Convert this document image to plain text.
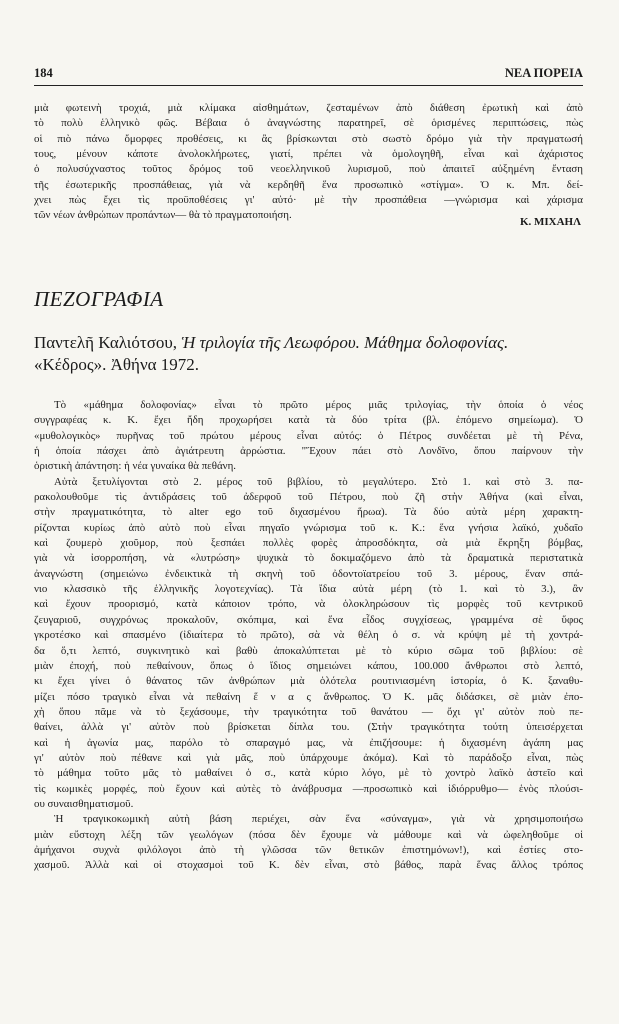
184	ΝΕΑ ΠΟΡΕΙΑ
μιὰ φωτεινὴ τροχιά, μιὰ κλίμακα αἰσθημάτων, ζεσταμένων ἀπὸ διάθεση ἐρωτικὴ καὶ ἀπὸ
τὸ πολὺ ἑλληνικὸ φῶς. Βέβαια ὁ ἀναγνώστης παρατηρεῖ, σὲ ὁρισμένες περιπτώσεις, πὼς
οἱ πιὸ πάνω ὄμορφες προθέσεις, κι ἂς βρίσκωνται στὸ σωστὸ δρόμο γιὰ τὴν πραγματωσή
τους, μένουν κάποτε ἀνολοκλήρωτες, γιατί, πρέπει νὰ ὁμολογηθῆ, εἶναι καὶ ἀχάριστος
ὁ πολυσύχναστος τοῦτος δρόμος τοῦ νεοελληνικοῦ λυρισμοῦ, ποὺ ἀπαιτεῖ αὐξημένη ἔνταση
τῆς ἐσωτερικῆς προσπάθειας, γιὰ νὰ κερδηθῆ ἕνα προσωπικὸ «στίγμα». Ὁ κ. Μπ. δεί-
χνει πὼς ἔχει τὶς προϋποθέσεις γι' αὐτό· μὲ τὴν προσπάθεια —γνώρισμα καὶ χάρισμα
τῶν νέων ἀνθρώπων προπάντων— θὰ τὸ πραγματοποιήση.
Κ. ΜΙΧΑΗΛ
ΠΕΖΟΓΡΑΦΙΑ
Παντελῆ Καλιότσου, Ἡ τριλογία τῆς Λεωφόρου. Μάθημα δολοφονίας.
«Κέδρος». Ἀθήνα 1972.
Τὸ «μάθημα δολοφονίας» εἶναι τὸ πρῶτο μέρος μιᾶς τριλογίας, τὴν ὁποία ὁ νέος
συγγραφέας κ. Κ. ἔχει ἤδη προχωρήσει κατὰ τὰ δύο τρίτα (βλ. ἑπόμενο σημείωμα). Ὁ
«μυθολογικὸς» πυρῆνας τοῦ πρώτου μέρους εἶναι αὐτός: ὁ Πέτρος συνδέεται μὲ τὴ Ρένα,
ἡ ὁποία πάσχει ἀπὸ ἀγιάτρευτη ἀρρώστια. "Ἔχουν πάει στὸ Λονδῖνο, ὅπου παίρνουν τὴν
ὁριστικὴ ἀπάντηση: ἡ νέα γυναίκα θὰ πεθάνη.
Αὐτὰ ξετυλίγονται στὸ 2. μέρος τοῦ βιβλίου, τὸ μεγαλύτερο. Στὸ 1. καὶ στὸ 3. πα-
ρακολουθοῦμε τὶς ἀντιδράσεις τοῦ ἀδερφοῦ τοῦ Πέτρου, ποὺ ζῆ στὴν Ἀθήνα (καὶ εἶναι,
στὴν πραγματικότητα, τὸ alter ego τοῦ διχασμένου ἥρωα). Τὰ δύο αὐτὰ μέρη χαρακτη-
ρίζονται κυρίως ἀπὸ αὐτὸ ποὺ εἶναι πηγαῖο γνώρισμα τοῦ κ. Κ.: ἕνα γνήσια λαϊκό, χυδαῖο
καὶ ζουμερὸ χιοῦμορ, ποὺ ξεσπάει πολλὲς φορὲς ἀπροσδόκητα, σὰ μιὰ ἔκρηξη βόμβας,
γιὰ νὰ ἰσορροπήση, νὰ «λυτρώση» ψυχικὰ τὸ δοκιμαζόμενο ἀπὸ τὰ δραματικὰ περιστατικὰ
ἀναγνώστη (σημειώνω ἐνδεικτικὰ τὴ σκηνὴ τοῦ ὀδοντοϊατρείου τοῦ 3. μέρους, ἕναν σπά-
νιο κλασσικὸ τῆς ἑλληνικῆς λογοτεχνίας). Τὰ ἴδια αὐτὰ μέρη (τὸ 1. καὶ τὸ 3.), ἂν
καὶ ἔχουν προορισμό, κατὰ κάποιον τρόπο, νὰ ὁλοκληρώσουν τὶς μορφὲς τοῦ κεντρικοῦ
ζευγαριοῦ, συγχρόνως προκαλοῦν, σκόπιμα, καὶ ἕνα εἶδος συγχίσεως, γραμμένα σὲ ὕφος
γκροτέσκο καὶ σπασμένο (ἰδιαίτερα τὸ πρῶτο), σὰ νὰ θέλη ὁ σ. νὰ κρύψη μὲ τὴ χοντρά-
δα ὅ,τι λεπτό, συγκινητικὸ καὶ βαθὺ ἀποκαλύπτεται μὲ τὸ κύριο σῶμα τοῦ βιβλίου: σὲ
μιὰν ἐποχή, ποὺ πεθαίνουν, ὅπως ὁ ἴδιος σημειώνει κάπου, 100.000 ἄνθρωποι στὸ λεπτό,
κι ἔχει γίνει ὁ θάνατος τῶν ἀνθρώπων μιὰ ὁλότελα ρουτινιασμένη ἱστορία, ὁ Κ. ξαναθυ-
μίζει πόσο τραγικὸ εἶναι νὰ πεθαίνη ἕ ν α ς ἄνθρωπος. Ὁ Κ. μᾶς διδάσκει, σὲ μιὰν ἐπο-
χὴ ὅπου πᾶμε νὰ τὸ ξεχάσουμε, τὴν τραγικότητα τοῦ θανάτου — ὄχι γι' αὐτὸν ποὺ πε-
θαίνει, ἀλλὰ γι' αὐτὸν ποὺ βρίσκεται δίπλα του. (Στὴν τραγικότητα τούτη ὑπεισέρχεται
καὶ ἡ ἀγωνία μας, παρόλο τὸ σπαραγμό μας, νὰ ἐπιζήσουμε: ἡ διχασμένη ἀγάπη μας
γι' αὐτὸν ποὺ πέθανε καὶ γιὰ μᾶς, ποὺ ὑπάρχουμε ἀκόμα). Καὶ τὸ παράδοξο εἶναι, πὼς
τὸ μάθημα τοῦτο μᾶς τὸ μαθαίνει ὁ σ., κατὰ κύριο λόγο, μὲ τὸ χοντρὸ λαϊκὸ ἀστεῖο καὶ
τὶς κωμικὲς μορφές, ποὺ ἔχουν καὶ αὐτὲς τὸ ἀνάβρυσμα —προσωπικὸ καὶ ἰδιόρρυθμο— ἑνὸς πλούσι-
ου συναισθηματισμοῦ.
Ἡ τραγικοκωμικὴ αὐτὴ βάση περιέχει, σὰν ἕνα «σύναγμα», γιὰ νὰ χρησιμοποιήσω
μιὰν εὔστοχη λέξη τῶν γεωλόγων (πόσα δὲν ἔχουμε νὰ μάθουμε καὶ νὰ ὠφεληθοῦμε οἱ
ἀμήχανοι συχνὰ φιλόλογοι ἀπὸ τὴ γλῶσσα τῶν θετικῶν ἐπιστημόνων!), καὶ ἐστίες στο-
χασμοῦ. Ἀλλὰ καὶ οἱ στοχασμοὶ τοῦ Κ. δὲν εἶναι, στὸ βάθος, παρὰ ἕνας ἄλλος τρόπος
